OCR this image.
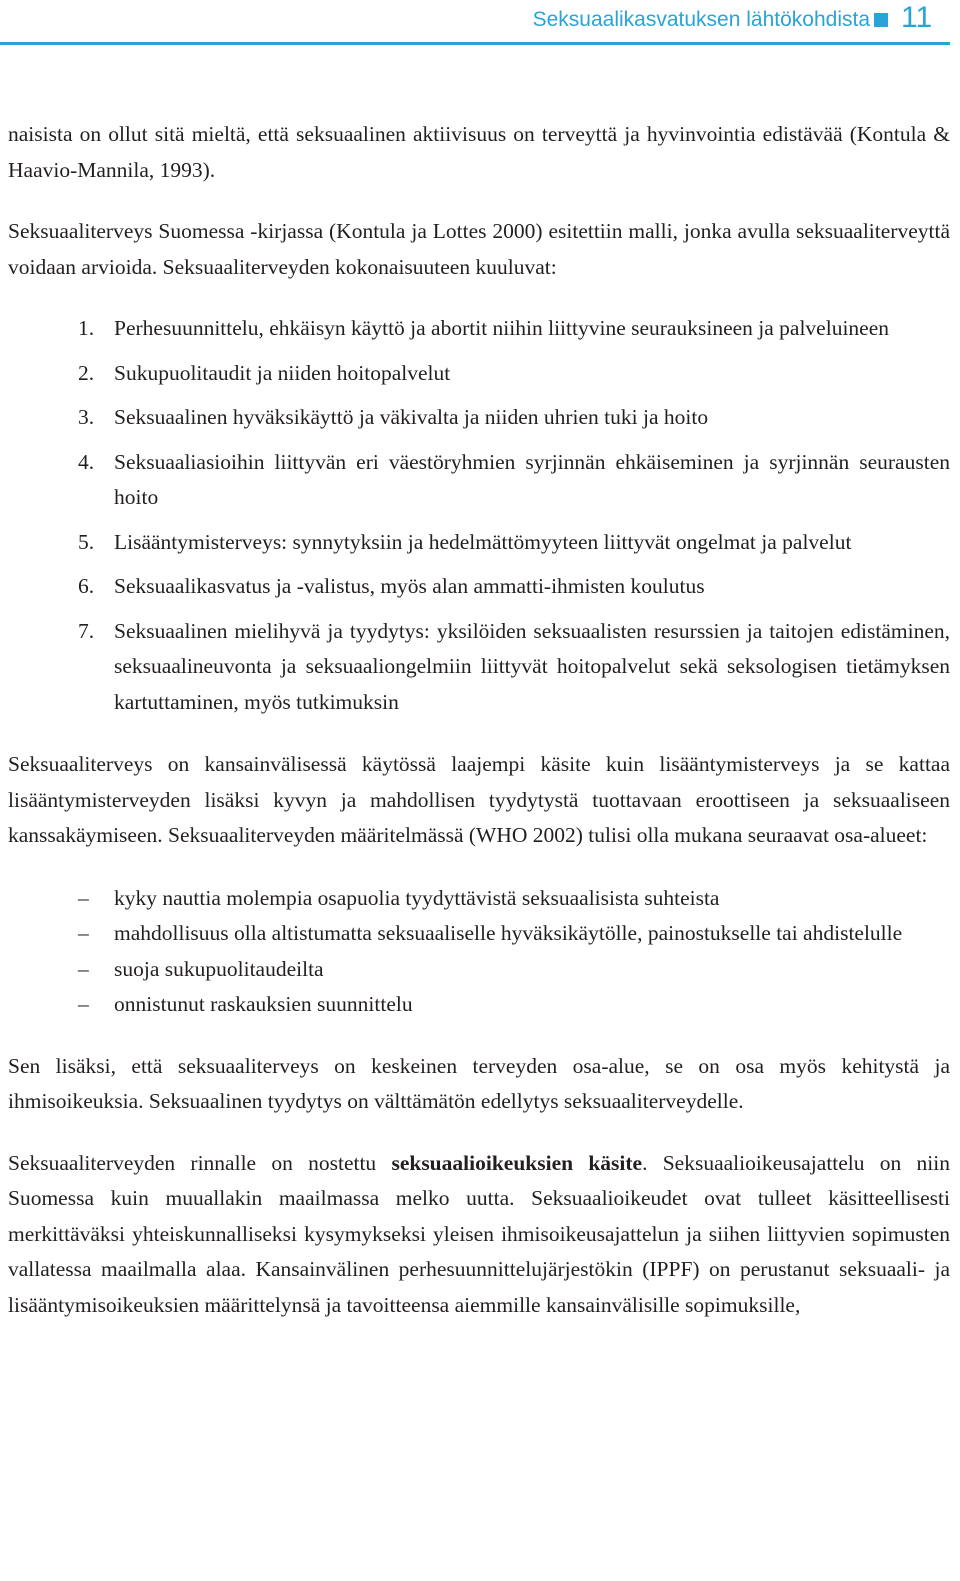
Seksuaalikasvatuksen lähtökohdista 11

naisista on ollut sitä mieltä, että seksuaalinen aktiivisuus on terveyttä ja hyvinvointia edistävää (Kontula & Haavio-Mannila, 1993).

Seksuaaliterveys Suomessa -kirjassa (Kontula ja Lottes 2000) esitettiin malli, jonka avulla seksuaaliterveyttä voidaan arvioida. Seksuaaliterveyden kokonaisuuteen kuuluvat:

1. Perhesuunnittelu, ehkäisyn käyttö ja abortit niihin liittyvine seurauksineen ja palveluineen
2. Sukupuolitaudit ja niiden hoitopalvelut
3. Seksuaalinen hyväksikäyttö ja väkivalta ja niiden uhrien tuki ja hoito
4. Seksuaaliasioihin liittyvän eri väestöryhmien syrjinnän ehkäiseminen ja syrjinnän seurausten hoito
5. Lisääntymisterveys: synnytyksiin ja hedelmättömyyteen liittyvät ongelmat ja palvelut
6. Seksuaalikasvatus ja -valistus, myös alan ammatti-ihmisten koulutus
7. Seksuaalinen mielihyvä ja tyydytys: yksilöiden seksuaalisten resurssien ja taitojen edistäminen, seksuaalineuvonta ja seksuaaliongelmiin liittyvät hoitopalvelut sekä seksologisen tietämyksen kartuttaminen, myös tutkimuksin

Seksuaaliterveys on kansainvälisessä käytössä laajempi käsite kuin lisääntymisterveys ja se kattaa lisääntymisterveyden lisäksi kyvyn ja mahdollisen tyydytystä tuottavaan eroottiseen ja seksuaaliseen kanssakäymiseen. Seksuaaliterveyden määritelmässä (WHO 2002) tulisi olla mukana seuraavat osa-alueet:

– kyky nauttia molempia osapuolia tyydyttävistä seksuaalisista suhteista
– mahdollisuus olla altistumatta seksuaaliselle hyväksikäytölle, painostukselle tai ahdistelulle
– suoja sukupuolitaudeilta
– onnistunut raskauksien suunnittelu

Sen lisäksi, että seksuaaliterveys on keskeinen terveyden osa-alue, se on osa myös kehitystä ja ihmisoikeuksia. Seksuaalinen tyydytys on välttämätön edellytys seksuaaliterveydelle.

Seksuaaliterveyden rinnalle on nostettu seksuaalioikeuksien käsite. Seksuaalioikeusajattelu on niin Suomessa kuin muuallakin maailmassa melko uutta. Seksuaalioikeudet ovat tulleet käsitteellisesti merkittäväksi yhteiskunnalliseksi kysymykseksi yleisen ihmisoikeusajattelun ja siihen liittyvien sopimusten vallatessa maailmalla alaa. Kansainvälinen perhesuunnittelujärjestökin (IPPF) on perustanut seksuaali- ja lisääntymisoikeuksien määrittelynsä ja tavoitteensa aiemmille kansainvälisille sopimuksille,
